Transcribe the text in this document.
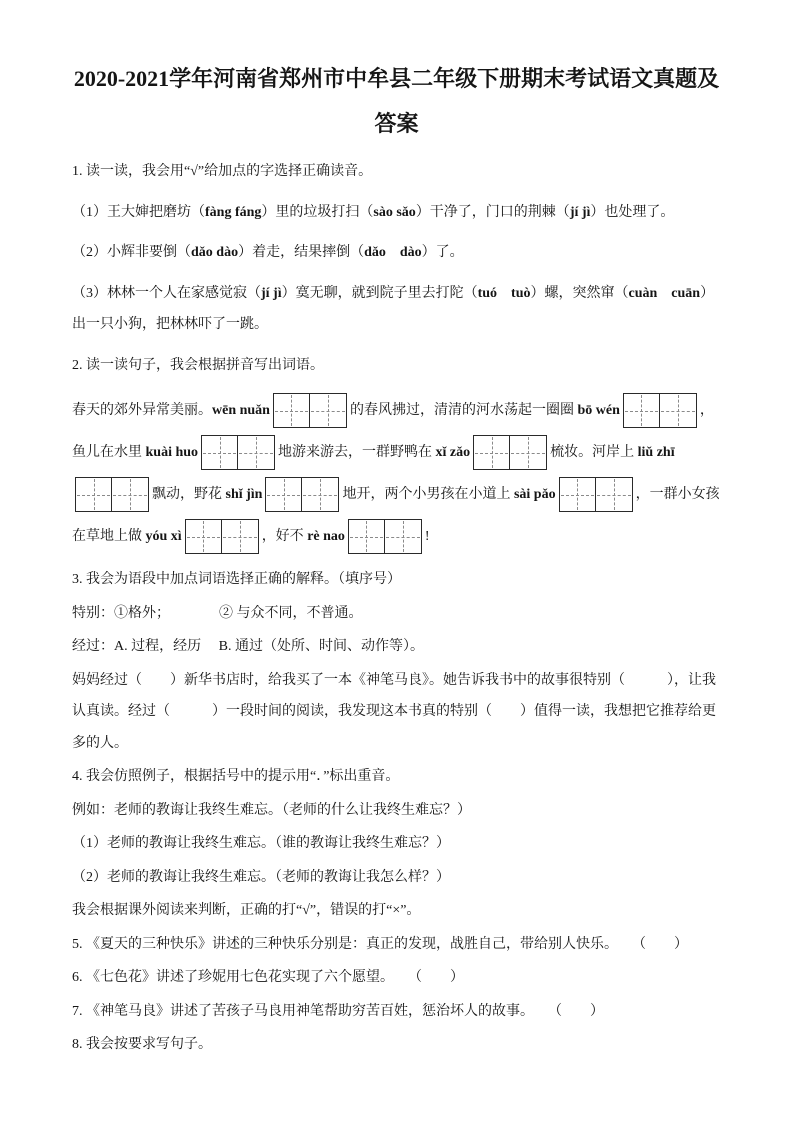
2020-2021学年河南省郑州市中牟县二年级下册期末考试语文真题及答案

1. 读一读，我会用“√”给加点的字选择正确读音。

（1）王大婶把磨坊（fàng fáng）里的垃圾打扫（sào sǎo）干净了，门口的荆棘（jí jì）也处理了。

（2）小辉非要倒（dǎo dào）着走，结果摔倒（dǎo　dào）了。

（3）林林一个人在家感觉寂（jí jì）寞无聊，就到院子里去打陀（tuó　tuò）螺，突然窜（cuàn　cuān）出一只小狗，把林林吓了一跳。

2. 读一读句子，我会根据拼音写出词语。

春天的郊外异常美丽。wēn nuǎn	的春风拂过，清清的河水荡起一圈圈 bō wén	，鱼儿在水里 kuài huo	地游来游去，一群野鸭在 xǐ zǎo	梳妆。河岸上 liǔ zhī
飘动，野花 shǐ jìn	地开，两个小男孩在小道上 sài pǎo	，一群小女孩在草地上做 yóu xì	，好不 rè nao	!

3. 我会为语段中加点词语选择正确的解释。（填序号）

特别：①格外；　　　　② 与众不同，不普通。

经过：A. 过程，经历　 B. 通过（处所、时间、动作等）。

妈妈经过（　　）新华书店时，给我买了一本《神笔马良》。她告诉我书中的故事很特别（　　　），让我认真读。经过（　　　）一段时间的阅读，我发现这本书真的特别（　　）值得一读，我想把它推荐给更多的人。

4. 我会仿照例子，根据括号中的提示用“．”标出重音。

例如：老师的教诲让我终生难忘。（老师的什么让我终生难忘？）

（1）老师的教诲让我终生难忘。（谁的教诲让我终生难忘？）

（2）老师的教诲让我终生难忘。（老师的教诲让我怎么样？）

我会根据课外阅读来判断，正确的打“√”，错误的打“×”。

5. 《夏天的三种快乐》讲述的三种快乐分别是：真正的发现，战胜自己，带给别人快乐。　　（　　）

6. 《七色花》讲述了珍妮用七色花实现了六个愿望。　　（　　）

7. 《神笔马良》讲述了苦孩子马良用神笔帮助穷苦百姓，惩治坏人的故事。　　（　　）

8. 我会按要求写句子。
